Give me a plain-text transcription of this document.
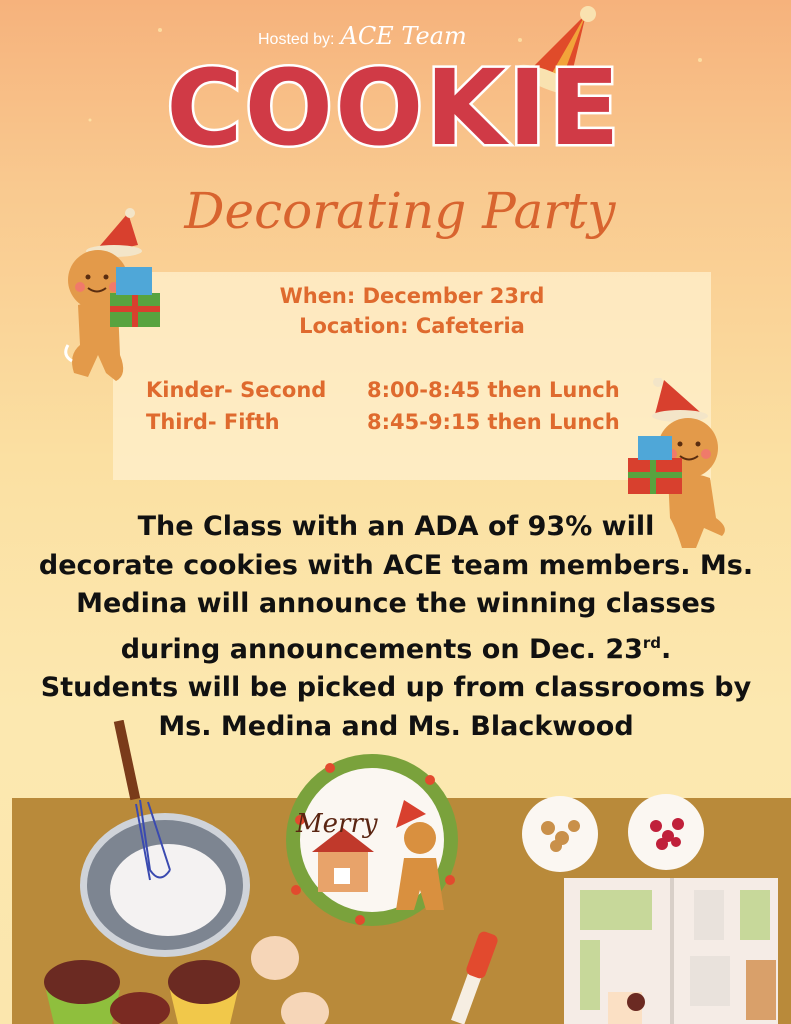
Hosted by: ACE Team
COOKIE
Decorating Party
When: December 23rd
Location: Cafeteria
Kinder- Second 8:00-8:45 then Lunch
Third- Fifth	8:45-9:15 then Lunch
The Class with an ADA of 93% will
decorate cookies with ACE team members. Ms.
Medina will announce the winning classes
during announcements on Dec. 23rd.
Students will be picked up from classrooms by
Ms. Medina and Ms. Blackwood
Merry
